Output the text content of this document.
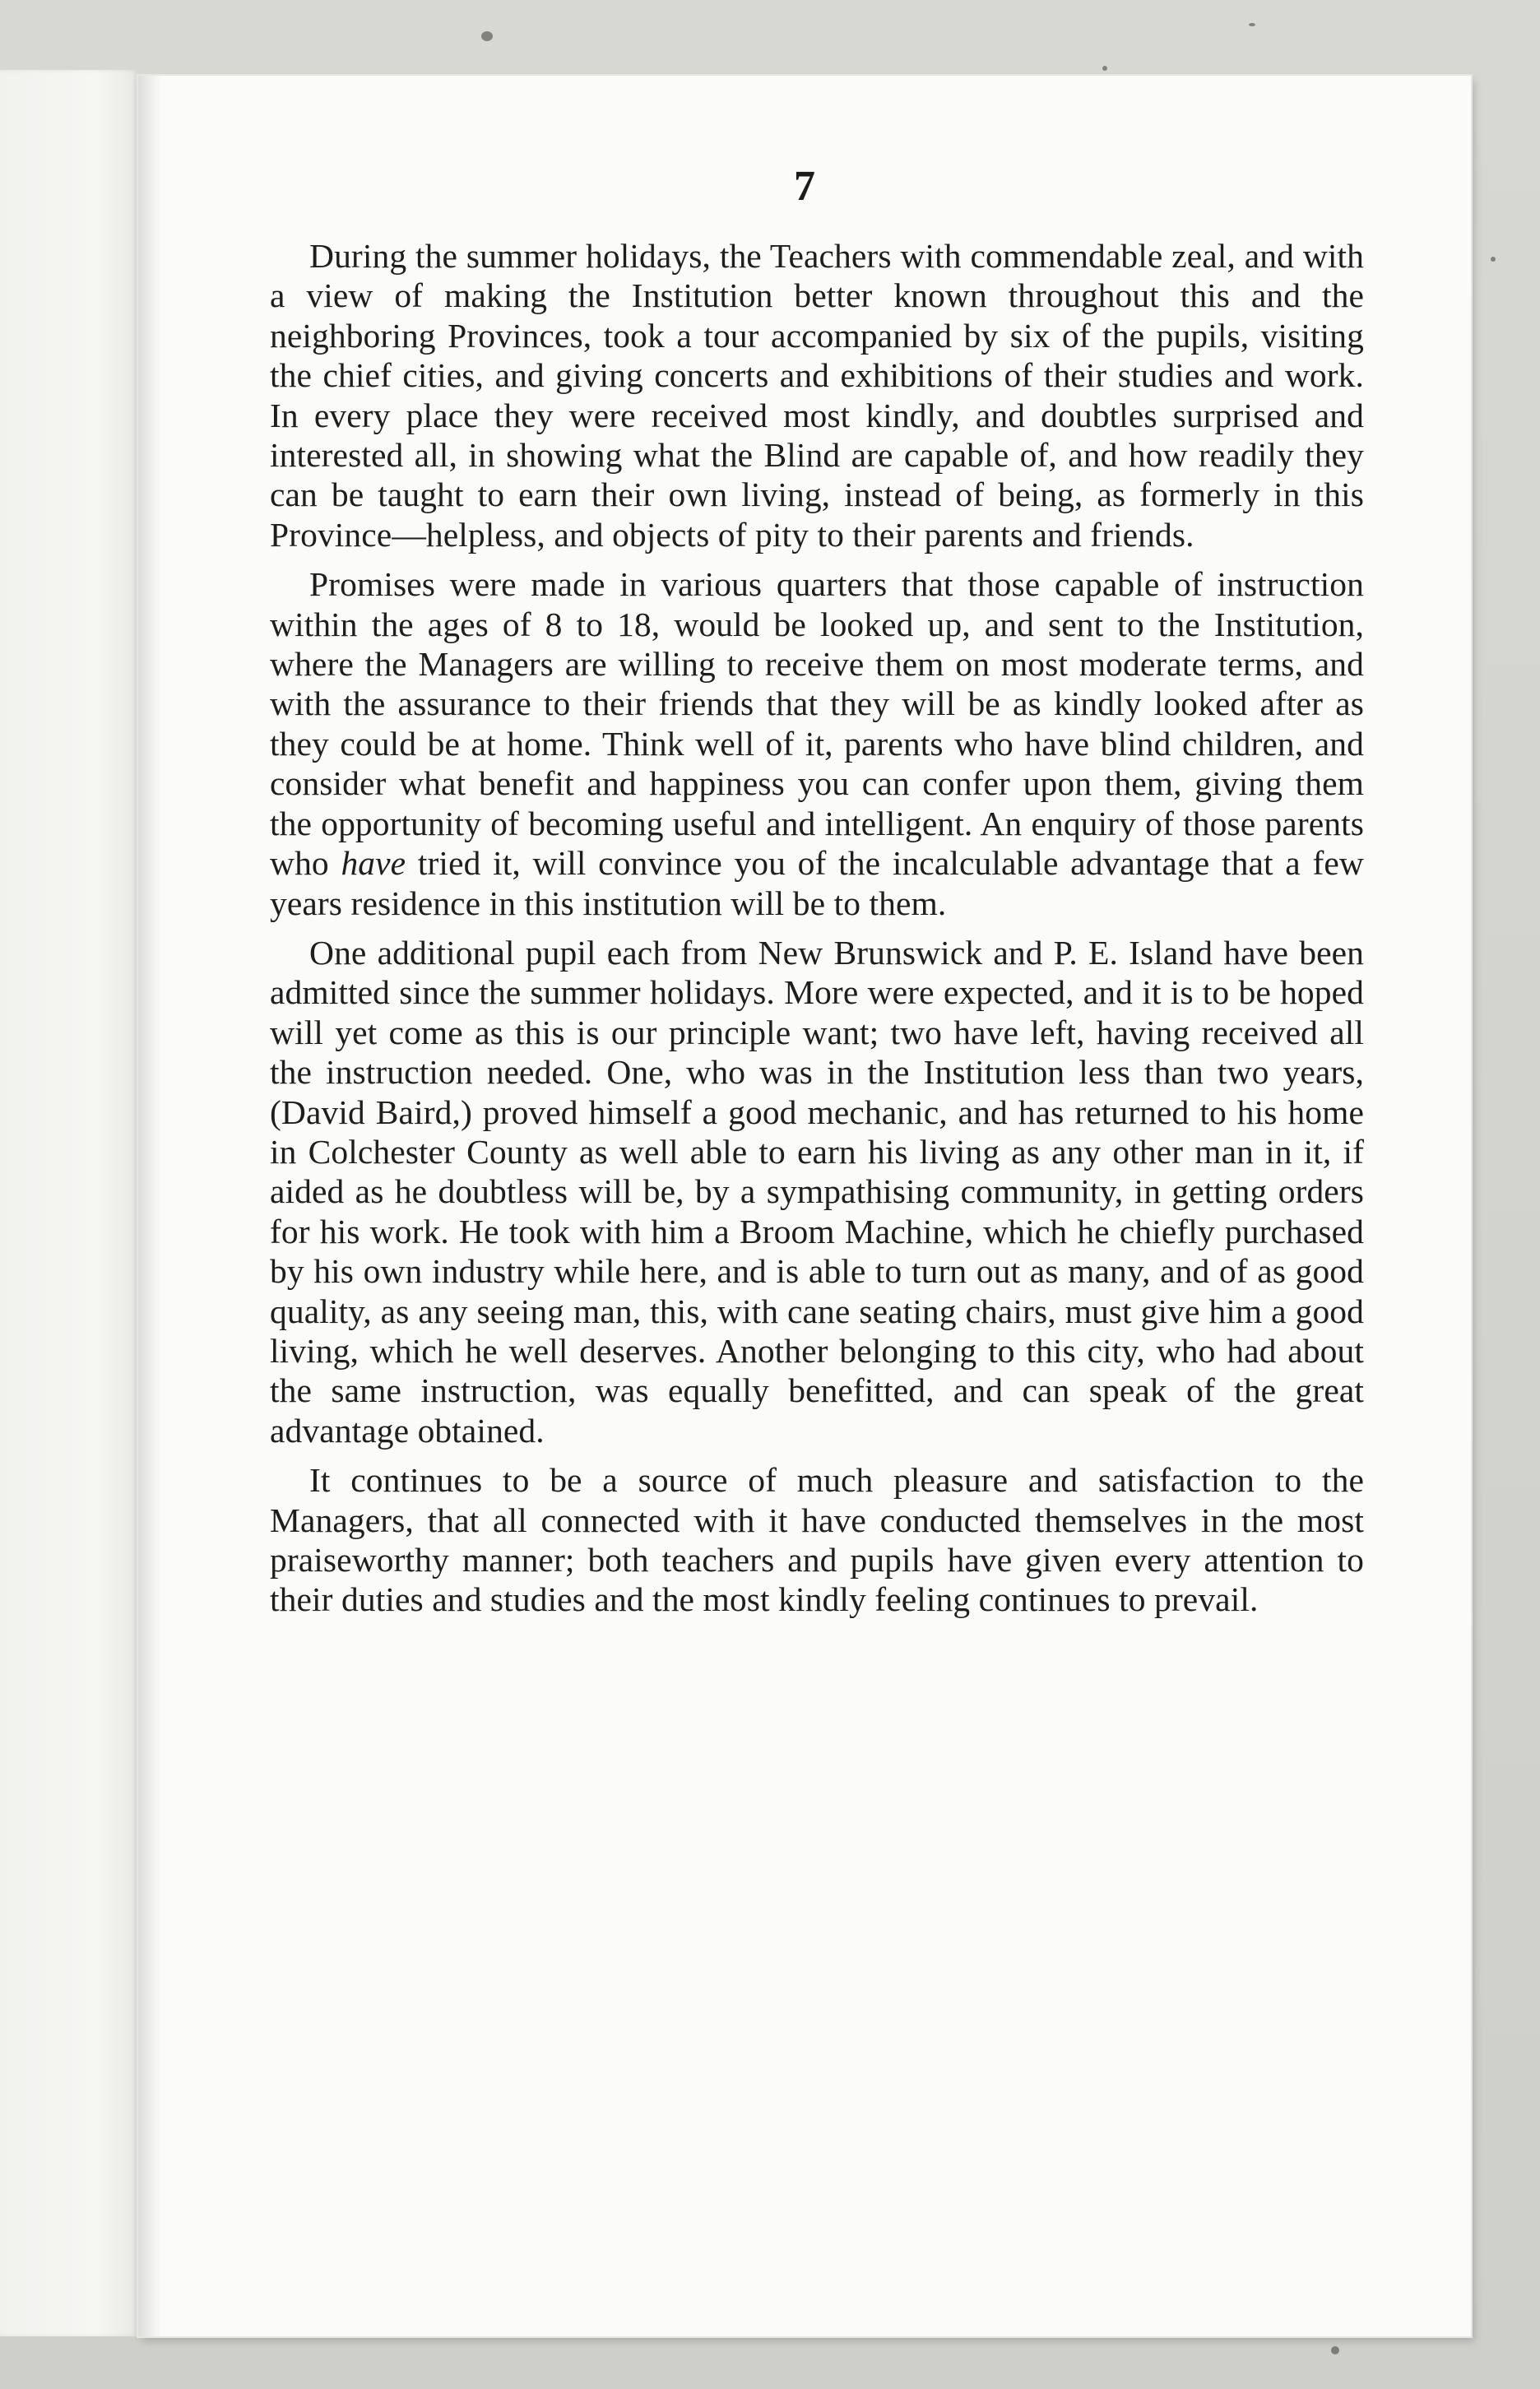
7

During the summer holidays, the Teachers with commendable zeal, and with a view of making the Institution better known throughout this and the neighboring Provinces, took a tour accompanied by six of the pupils, visiting the chief cities, and giving concerts and exhibitions of their studies and work. In every place they were received most kindly, and doubtles surprised and interested all, in showing what the Blind are capable of, and how readily they can be taught to earn their own living, instead of being, as formerly in this Province—helpless, and objects of pity to their parents and friends.

Promises were made in various quarters that those capable of instruction within the ages of 8 to 18, would be looked up, and sent to the Institution, where the Managers are willing to receive them on most moderate terms, and with the assurance to their friends that they will be as kindly looked after as they could be at home. Think well of it, parents who have blind children, and consider what benefit and happiness you can confer upon them, giving them the opportunity of becoming useful and intelligent. An enquiry of those parents who have tried it, will convince you of the incalculable advantage that a few years residence in this institution will be to them.

One additional pupil each from New Brunswick and P. E. Island have been admitted since the summer holidays. More were expected, and it is to be hoped will yet come as this is our principle want; two have left, having received all the instruction needed. One, who was in the Institution less than two years, (David Baird,) proved himself a good mechanic, and has returned to his home in Colchester County as well able to earn his living as any other man in it, if aided as he doubtless will be, by a sympathising community, in getting orders for his work. He took with him a Broom Machine, which he chiefly purchased by his own industry while here, and is able to turn out as many, and of as good quality, as any seeing man, this, with cane seating chairs, must give him a good living, which he well deserves. Another belonging to this city, who had about the same instruction, was equally benefitted, and can speak of the great advantage obtained.

It continues to be a source of much pleasure and satisfaction to the Managers, that all connected with it have conducted themselves in the most praiseworthy manner; both teachers and pupils have given every attention to their duties and studies and the most kindly feeling continues to prevail.
